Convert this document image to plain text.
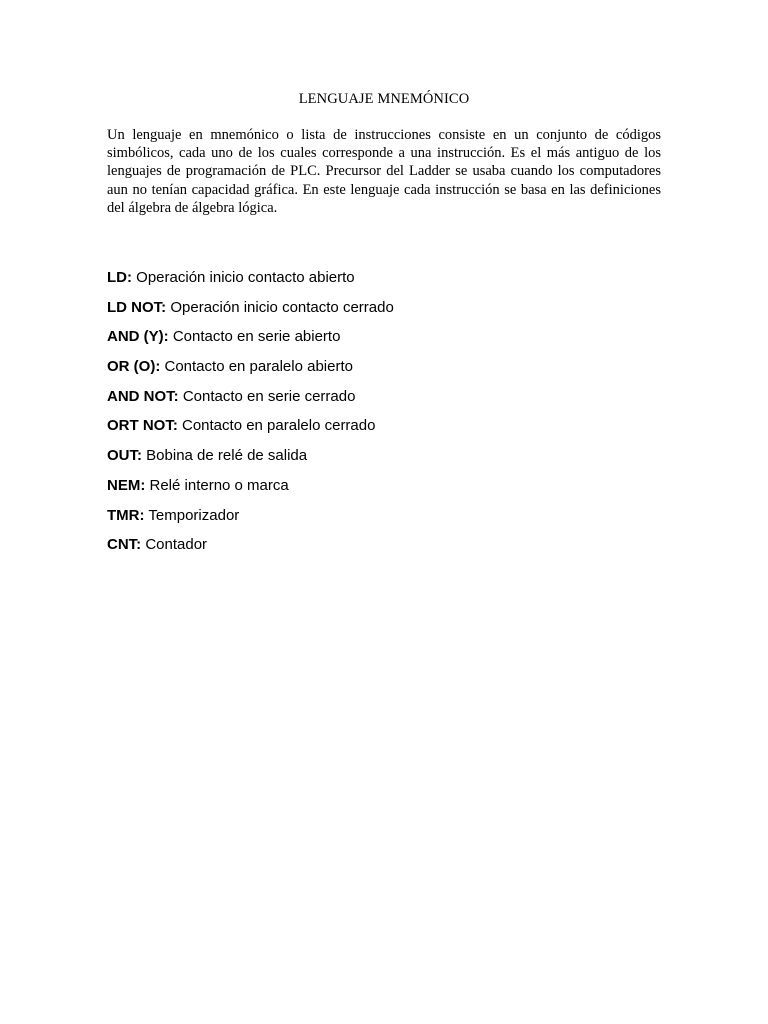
LENGUAJE MNEMÓNICO

Un lenguaje en mnemónico o lista de instrucciones consiste en un conjunto de códigos simbólicos, cada uno de los cuales corresponde a una instrucción. Es el más antiguo de los lenguajes de programación de PLC. Precursor del Ladder se usaba cuando los computadores aun no tenían capacidad gráfica. En este lenguaje cada instrucción se basa en las definiciones del álgebra de álgebra lógica.

LD: Operación inicio contacto abierto
LD NOT: Operación inicio contacto cerrado
AND (Y): Contacto en serie abierto
OR (O): Contacto en paralelo abierto
AND NOT: Contacto en serie cerrado
ORT NOT: Contacto en paralelo cerrado
OUT: Bobina de relé de salida
NEM: Relé interno o marca
TMR: Temporizador
CNT: Contador
